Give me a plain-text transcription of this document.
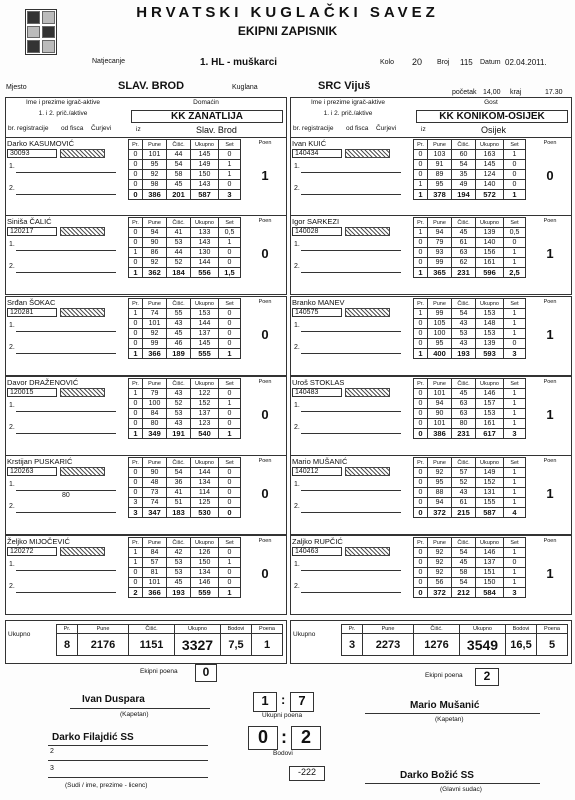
HRVATSKI KUGLAČKI SAVEZ
EKIPNI ZAPISNIK
Natjecanje	1. HL - muškarci	Kolo 20 Broj 115 Datum 02.04.2011.
Mjesto	SLAV. BROD	Kuglana	SRC Vijuš
početak 14,00 kraj	17.30
Ime i prezime igrač-aktive
1. i 2. prič./aktive
br. registracije od fisca Čurjevi
Domaćin
KK ZANATLIJA
iz	Slav. Brod
Ime i prezime igrač-aktive
1. i 2. prič./aktive
br. registracije od fisca Čurjevi
Gost
KK KONIKOM-OSIJEK
iz	Osijek
Darko KASUMOVIĆ
30093
1.
2.
Pr.	Pune	Čišć.	Ukupno	Set
0	101	44	145	0
0	95	54	149	1
0	92	58	150	1
0	98	45	143	0
0	386	201	587	3
Poen
1
Siniša ČALIĆ
120217
1.
2.
Pr.	Pune	Čišć.	Ukupno	Set
0	94	41	133	0,5
0	90	53	143	1
1	86	44	130	0
0	92	52	144	0
1	362	184	556	1,5
Poen
0
Srđan ŠOKAC
120281
1.
2.
Pr.	Pune	Čišć.	Ukupno	Set
1	74	55	153	0
0	101	43	144	0
0	92	45	137	0
0	99	46	145	0
1	366	189	555	1
Poen
0
Davor DRAŽENOVIĆ
120015
1.
2.
Pr.	Pune	Čišć.	Ukupno	Set
1	79	43	122	0
0	100	52	152	1
0	84	53	137	0
0	80	43	123	0
1	349	191	540	1
Poen
0
Krstijan PUSKARIĆ
120263
1.
2.
80
Pr.	Pune	Čišć.	Ukupno	Set
0	90	54	144	0
0	48	36	134	0
0	73	41	114	0
3	74	51	125	0
3	347	183	530	0
Poen
0
Željko MIJOČEVIĆ
120272
1.
2.
Pr.	Pune	Čišć.	Ukupno	Set
1	84	42	126	0
1	57	53	150	1
0	81	53	134	0
0	101	45	146	0
2	366	193	559	1
Poen
0
Ivan KUIĆ
140434
1.
2.
Pr.	Pune	Čišć.	Ukupno	Set
0	103	60	163	1
0	91	54	145	0
0	89	35	124	0
1	95	49	140	0
1	378	194	572	1
Poen
0
Igor SARKEZI
140028
1.
2.
Pr.	Pune	Čišć.	Ukupno	Set
1	94	45	139	0,5
0	79	61	140	0
0	93	63	156	1
0	99	62	161	1
1	365	231	596	2,5
Poen
1
Branko MANEV
140575
1.
2.
Pr.	Pune	Čišć.	Ukupno	Set
1	99	54	153	1
0	105	43	148	1
0	100	53	153	1
0	95	43	139	0
1	400	193	593	3
Poen
1
Uroš STOKLAS
140483
1.
2.
Pr.	Pune	Čišć.	Ukupno	Set
0	101	45	146	1
0	94	63	157	1
0	90	63	153	1
0	101	80	161	1
0	386	231	617	3
Poen
1
Mario MUŠANIĆ
140212
1.
2.
Pr.	Pune	Čišć.	Ukupno	Set
0	92	57	149	1
0	95	52	152	1
0	88	43	131	1
0	94	61	155	1
0	372	215	587	4
Poen
1
Zaljko RUPČIĆ
140463
1.
2.
Pr.	Pune	Čišć.	Ukupno	Set
0	92	54	146	1
0	92	45	137	0
0	92	58	151	1
0	56	54	150	1
0	372	212	584	3
Poen
1
Ukupno
Pr.	Pune	Čišć.	Ukupno	Bodovi	Poena
8	2176	1151	3327	7,5	1
Ukupno
Pr.	Pune	Čišć.	Ukupno	Bodovi	Poena
3	2273	1276	3549	16,5	5
Ekipni poena	0	Ekipni poena	2
1 :	7
Ukupni poena
0 : 2
Bodovi
-222
Ivan Duspara
(Kapetan)
Mario Mušanić
(Kapetan)
Darko Filajdić SS
2
3
(Sudi / ime, prezime - licenc)
Darko Božić SS
(Glavni sudac)
